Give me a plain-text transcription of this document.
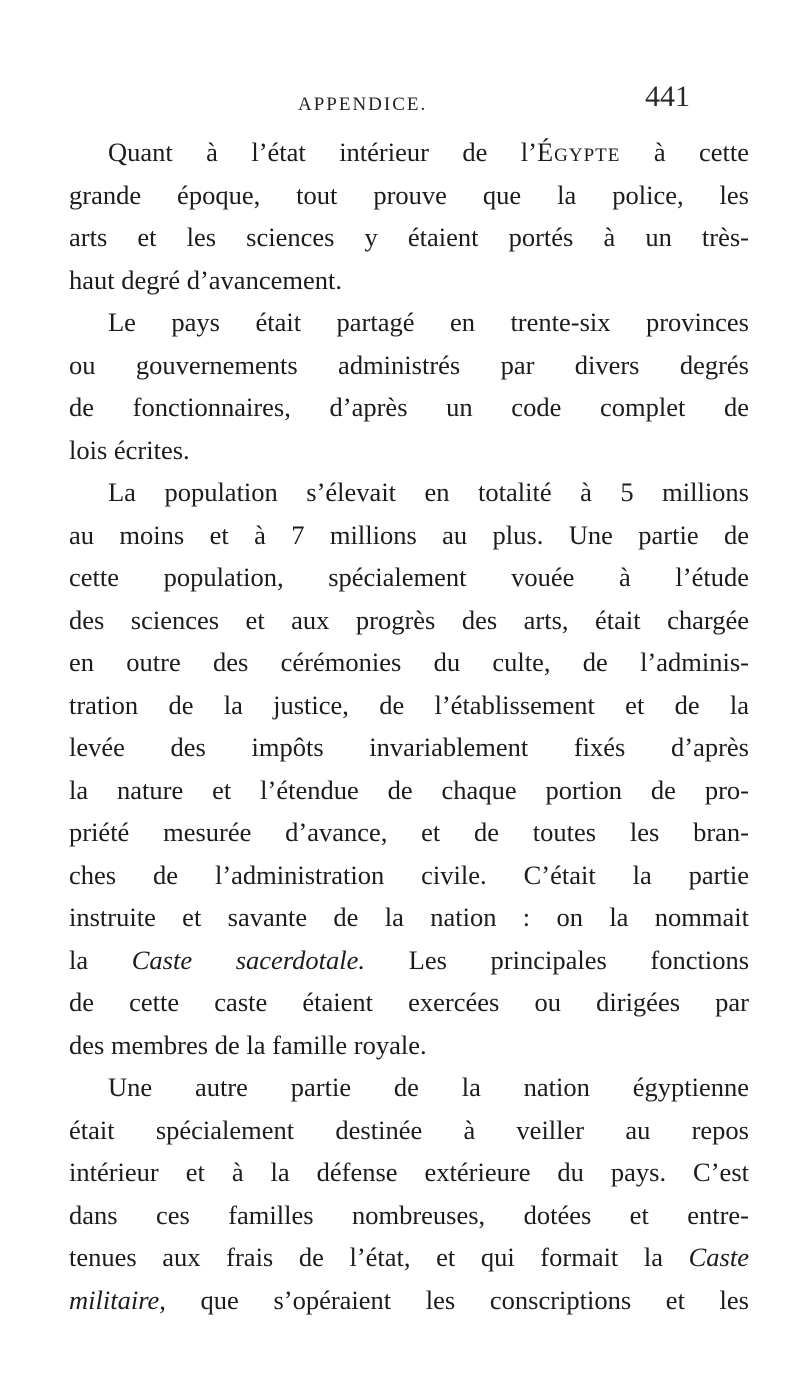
APPENDICE.	441
Quant à l’état intérieur de l’Égypte à cette
grande époque, tout prouve que la police, les
arts et les sciences y étaient portés à un très-
haut degré d’avancement.
Le pays était partagé en trente-six provinces
ou gouvernements administrés par divers degrés
de fonctionnaires, d’après un code complet de
lois écrites.
La population s’élevait en totalité à 5 millions
au moins et à 7 millions au plus. Une partie de
cette population, spécialement vouée à l’étude
des sciences et aux progrès des arts, était chargée
en outre des cérémonies du culte, de l’adminis-
tration de la justice, de l’établissement et de la
levée des impôts invariablement fixés d’après
la nature et l’étendue de chaque portion de pro-
priété mesurée d’avance, et de toutes les bran-
ches de l’administration civile. C’était la partie
instruite et savante de la nation : on la nommait
la Caste sacerdotale. Les principales fonctions
de cette caste étaient exercées ou dirigées par
des membres de la famille royale.
Une autre partie de la nation égyptienne
était spécialement destinée à veiller au repos
intérieur et à la défense extérieure du pays. C’est
dans ces familles nombreuses, dotées et entre-
tenues aux frais de l’état, et qui formait la Caste
militaire, que s’opéraient les conscriptions et les
